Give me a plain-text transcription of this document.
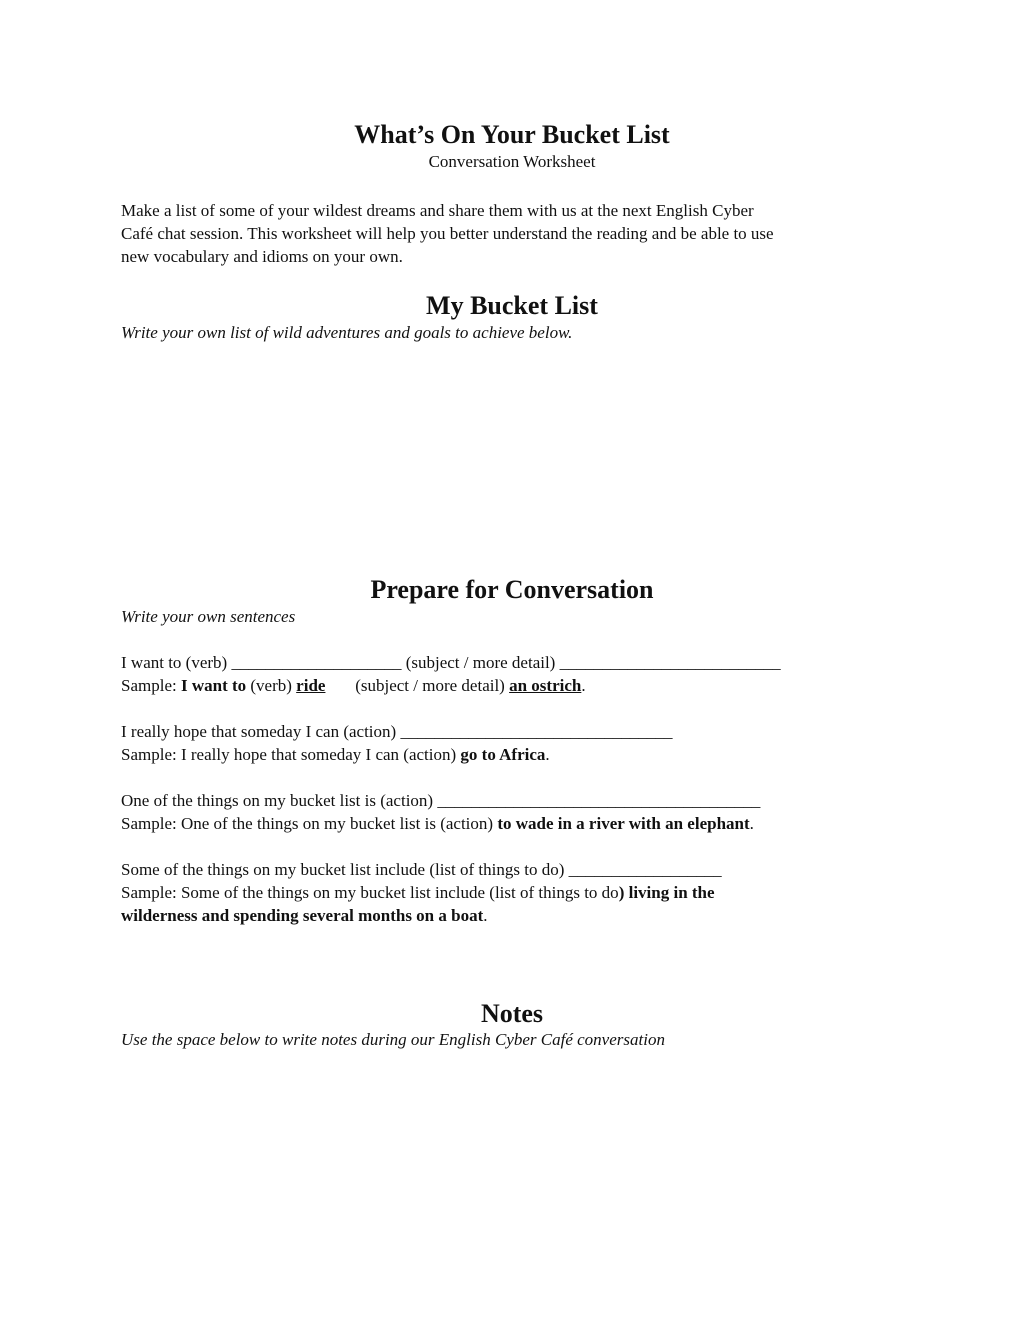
What’s On Your Bucket List
Conversation Worksheet
Make a list of some of your wildest dreams and share them with us at the next English Cyber
Café chat session. This worksheet will help you better understand the reading and be able to use
new vocabulary and idioms on your own.
My Bucket List
Write your own list of wild adventures and goals to achieve below.
Prepare for Conversation
Write your own sentences
I want to (verb) ____________________ (subject / more detail) __________________________
Sample: I want to (verb) ride       (subject / more detail) an ostrich.
I really hope that someday I can (action) ________________________________
Sample: I really hope that someday I can (action) go to Africa.
One of the things on my bucket list is (action) ______________________________________
Sample: One of the things on my bucket list is (action) to wade in a river with an elephant.
Some of the things on my bucket list include (list of things to do) __________________
Sample: Some of the things on my bucket list include (list of things to do) living in the
wilderness and spending several months on a boat.
Notes
Use the space below to write notes during our English Cyber Café conversation
